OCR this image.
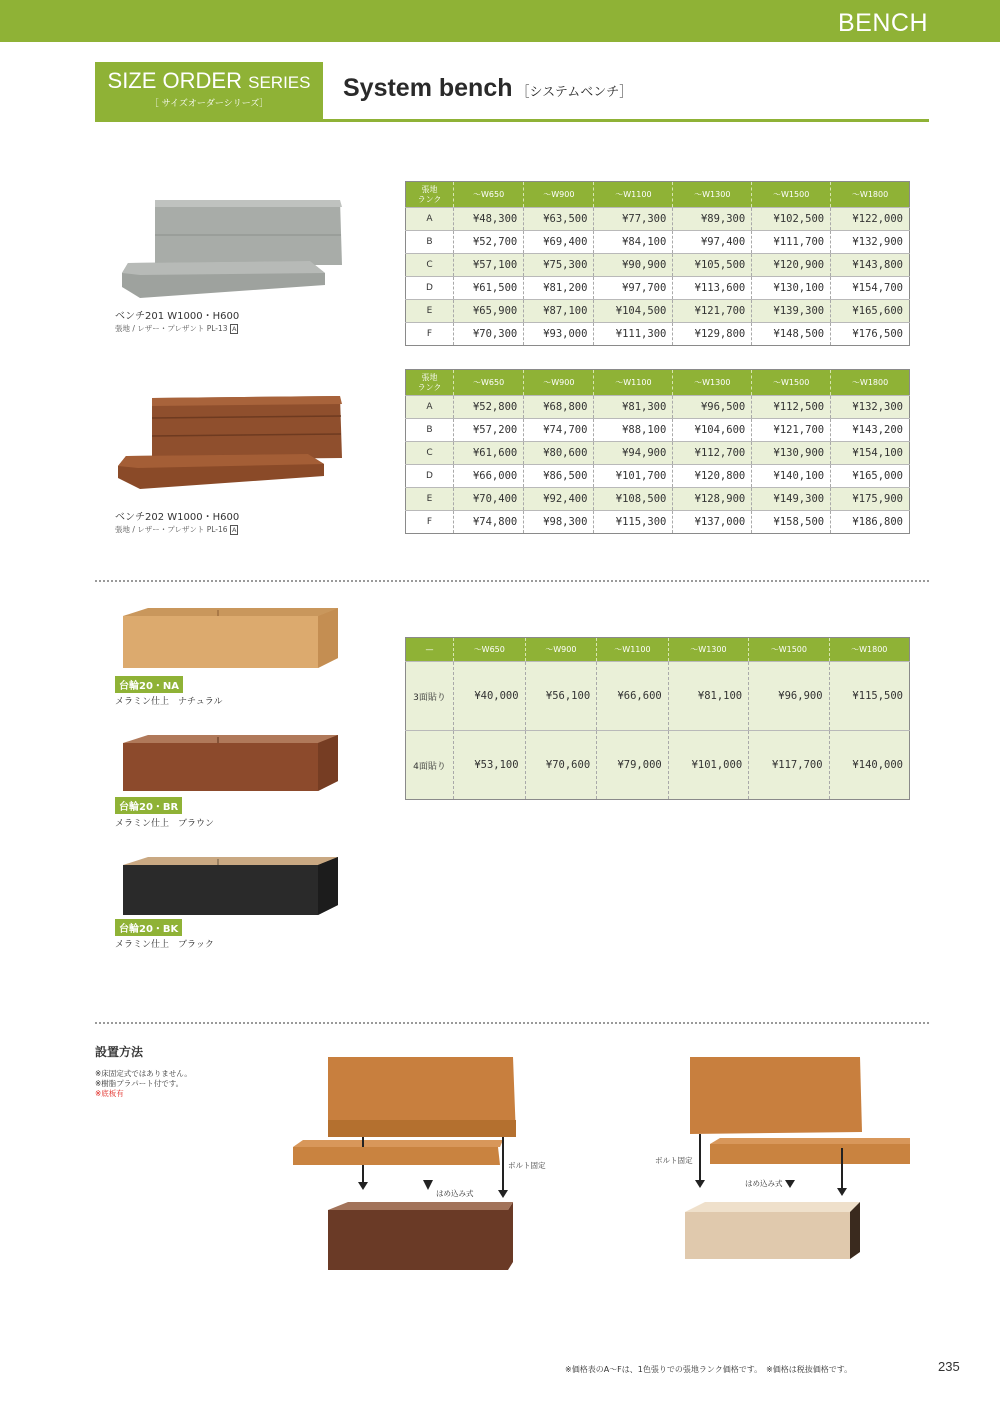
BENCH
SIZE ORDER SERIES
［ サイズオーダーシリーズ］
System bench ［システムベンチ］
ベンチ201 W1000・H600
張地 / レザー・プレザント PL-13 A
張地
ランク	～W650	～W900	～W1100	～W1300	～W1500	～W1800
A	¥48,300	¥63,500	¥77,300	¥89,300	¥102,500	¥122,000
B	¥52,700	¥69,400	¥84,100	¥97,400	¥111,700	¥132,900
C	¥57,100	¥75,300	¥90,900	¥105,500	¥120,900	¥143,800
D	¥61,500	¥81,200	¥97,700	¥113,600	¥130,100	¥154,700
E	¥65,900	¥87,100	¥104,500	¥121,700	¥139,300	¥165,600
F	¥70,300	¥93,000	¥111,300	¥129,800	¥148,500	¥176,500
ベンチ202 W1000・H600
張地 / レザー・プレザント PL-16 A
張地
ランク	～W650	～W900	～W1100	～W1300	～W1500	～W1800
A	¥52,800	¥68,800	¥81,300	¥96,500	¥112,500	¥132,300
B	¥57,200	¥74,700	¥88,100	¥104,600	¥121,700	¥143,200
C	¥61,600	¥80,600	¥94,900	¥112,700	¥130,900	¥154,100
D	¥66,000	¥86,500	¥101,700	¥120,800	¥140,100	¥165,000
E	¥70,400	¥92,400	¥108,500	¥128,900	¥149,300	¥175,900
F	¥74,800	¥98,300	¥115,300	¥137,000	¥158,500	¥186,800
台輪20・NA
メラミン仕上　ナチュラル
台輪20・BR
メラミン仕上　ブラウン
台輪20・BK
メラミン仕上　ブラック
—	～W650	～W900	～W1100	～W1300	～W1500	～W1800
3面貼り	¥40,000	¥56,100	¥66,600	¥81,100	¥96,900	¥115,500
4面貼り	¥53,100	¥70,600	¥79,000	¥101,000	¥117,700	¥140,000
設置方法
※床固定式ではありません。
※樹脂プラパート付です。
※底板有
ボルト固定
はめ込み式
ボルト固定
はめ込み式
※価格表のA～Fは、1色張りでの張地ランク価格です。　※価格は税抜価格です。	235
